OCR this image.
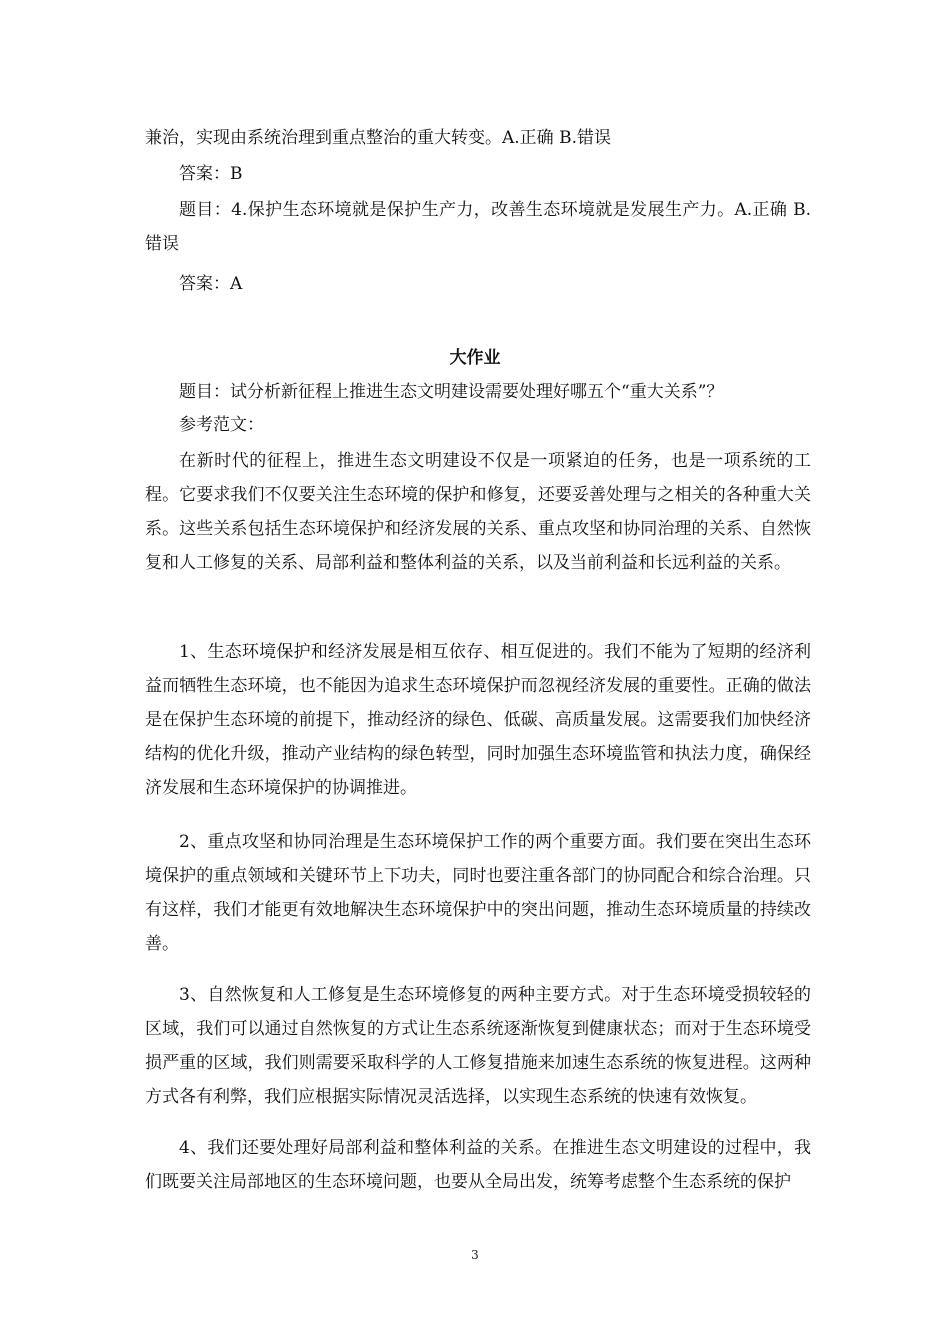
兼治，实现由系统治理到重点整治的重大转变。A.正确 B.错误
答案：B
题目：4.保护生态环境就是保护生产力，改善生态环境就是发展生产力。A.正确 B.错误
答案：A
大作业
题目：试分析新征程上推进生态文明建设需要处理好哪五个“重大关系”？
参考范文：
在新时代的征程上，推进生态文明建设不仅是一项紧迫的任务，也是一项系统的工程。它要求我们不仅要关注生态环境的保护和修复，还要妥善处理与之相关的各种重大关系。这些关系包括生态环境保护和经济发展的关系、重点攻坚和协同治理的关系、自然恢复和人工修复的关系、局部利益和整体利益的关系，以及当前利益和长远利益的关系。
1、生态环境保护和经济发展是相互依存、相互促进的。我们不能为了短期的经济利益而牺牲生态环境，也不能因为追求生态环境保护而忽视经济发展的重要性。正确的做法是在保护生态环境的前提下，推动经济的绿色、低碳、高质量发展。这需要我们加快经济结构的优化升级，推动产业结构的绿色转型，同时加强生态环境监管和执法力度，确保经济发展和生态环境保护的协调推进。
2、重点攻坚和协同治理是生态环境保护工作的两个重要方面。我们要在突出生态环境保护的重点领域和关键环节上下功夫，同时也要注重各部门的协同配合和综合治理。只有这样，我们才能更有效地解决生态环境保护中的突出问题，推动生态环境质量的持续改善。
3、自然恢复和人工修复是生态环境修复的两种主要方式。对于生态环境受损较轻的区域，我们可以通过自然恢复的方式让生态系统逐渐恢复到健康状态；而对于生态环境受损严重的区域，我们则需要采取科学的人工修复措施来加速生态系统的恢复进程。这两种方式各有利弊，我们应根据实际情况灵活选择，以实现生态系统的快速有效恢复。
4、我们还要处理好局部利益和整体利益的关系。在推进生态文明建设的过程中，我们既要关注局部地区的生态环境问题，也要从全局出发，统筹考虑整个生态系统的保护
3
